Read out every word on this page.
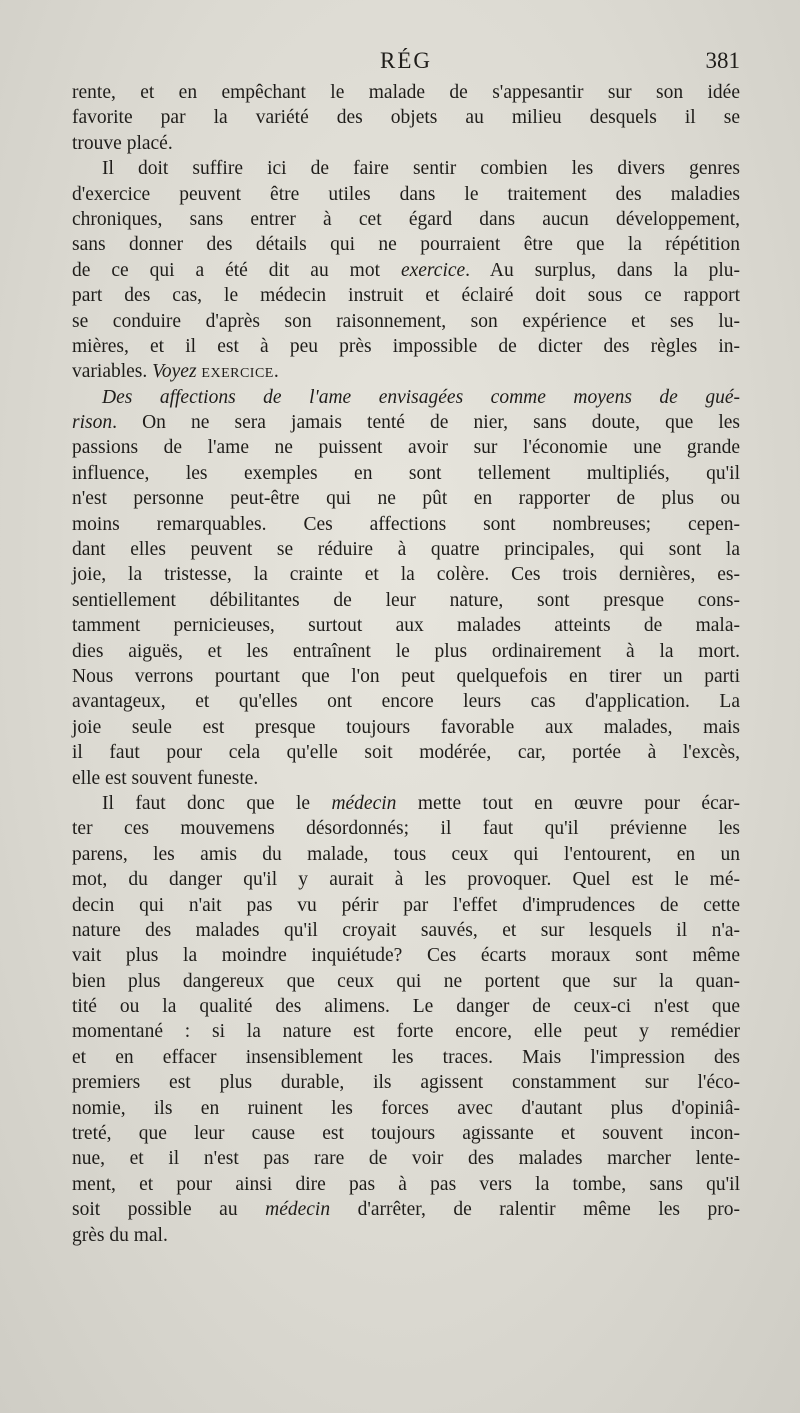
RÉG	381
rente, et en empêchant le malade de s'appesantir sur son idée
favorite par la variété des objets au milieu desquels il se
trouve placé.
Il doit suffire ici de faire sentir combien les divers genres
d'exercice peuvent être utiles dans le traitement des maladies
chroniques, sans entrer à cet égard dans aucun développement,
sans donner des détails qui ne pourraient être que la répétition
de ce qui a été dit au mot exercice. Au surplus, dans la plu-
part des cas, le médecin instruit et éclairé doit sous ce rapport
se conduire d'après son raisonnement, son expérience et ses lu-
mières, et il est à peu près impossible de dicter des règles in-
variables. Voyez exercice.
Des affections de l'ame envisagées comme moyens de gué-
rison. On ne sera jamais tenté de nier, sans doute, que les
passions de l'ame ne puissent avoir sur l'économie une grande
influence, les exemples en sont tellement multipliés, qu'il
n'est personne peut-être qui ne pût en rapporter de plus ou
moins remarquables. Ces affections sont nombreuses; cepen-
dant elles peuvent se réduire à quatre principales, qui sont la
joie, la tristesse, la crainte et la colère. Ces trois dernières, es-
sentiellement débilitantes de leur nature, sont presque cons-
tamment pernicieuses, surtout aux malades atteints de mala-
dies aiguës, et les entraînent le plus ordinairement à la mort.
Nous verrons pourtant que l'on peut quelquefois en tirer un parti
avantageux, et qu'elles ont encore leurs cas d'application. La
joie seule est presque toujours favorable aux malades, mais
il faut pour cela qu'elle soit modérée, car, portée à l'excès,
elle est souvent funeste.
Il faut donc que le médecin mette tout en œuvre pour écar-
ter ces mouvemens désordonnés; il faut qu'il prévienne les
parens, les amis du malade, tous ceux qui l'entourent, en un
mot, du danger qu'il y aurait à les provoquer. Quel est le mé-
decin qui n'ait pas vu périr par l'effet d'imprudences de cette
nature des malades qu'il croyait sauvés, et sur lesquels il n'a-
vait plus la moindre inquiétude? Ces écarts moraux sont même
bien plus dangereux que ceux qui ne portent que sur la quan-
tité ou la qualité des alimens. Le danger de ceux-ci n'est que
momentané : si la nature est forte encore, elle peut y remédier
et en effacer insensiblement les traces. Mais l'impression des
premiers est plus durable, ils agissent constamment sur l'éco-
nomie, ils en ruinent les forces avec d'autant plus d'opiniâ-
treté, que leur cause est toujours agissante et souvent incon-
nue, et il n'est pas rare de voir des malades marcher lente-
ment, et pour ainsi dire pas à pas vers la tombe, sans qu'il
soit possible au médecin d'arrêter, de ralentir même les pro-
grès du mal.
